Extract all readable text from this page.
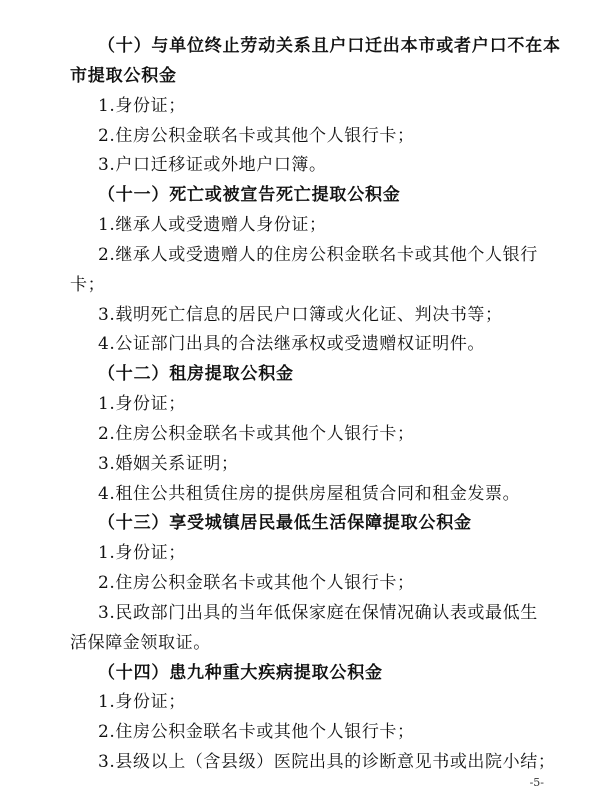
（十）与单位终止劳动关系且户口迁出本市或者户口不在本
市提取公积金
1.身份证；
2.住房公积金联名卡或其他个人银行卡；
3.户口迁移证或外地户口簿。
（十一）死亡或被宣告死亡提取公积金
1.继承人或受遗赠人身份证；
2.继承人或受遗赠人的住房公积金联名卡或其他个人银行
卡；
3.载明死亡信息的居民户口簿或火化证、判决书等；
4.公证部门出具的合法继承权或受遗赠权证明件。
（十二）租房提取公积金
1.身份证；
2.住房公积金联名卡或其他个人银行卡；
3.婚姻关系证明；
4.租住公共租赁住房的提供房屋租赁合同和租金发票。
（十三）享受城镇居民最低生活保障提取公积金
1.身份证；
2.住房公积金联名卡或其他个人银行卡；
3.民政部门出具的当年低保家庭在保情况确认表或最低生
活保障金领取证。
（十四）患九种重大疾病提取公积金
1.身份证；
2.住房公积金联名卡或其他个人银行卡；
3.县级以上（含县级）医院出具的诊断意见书或出院小结；
-5-
